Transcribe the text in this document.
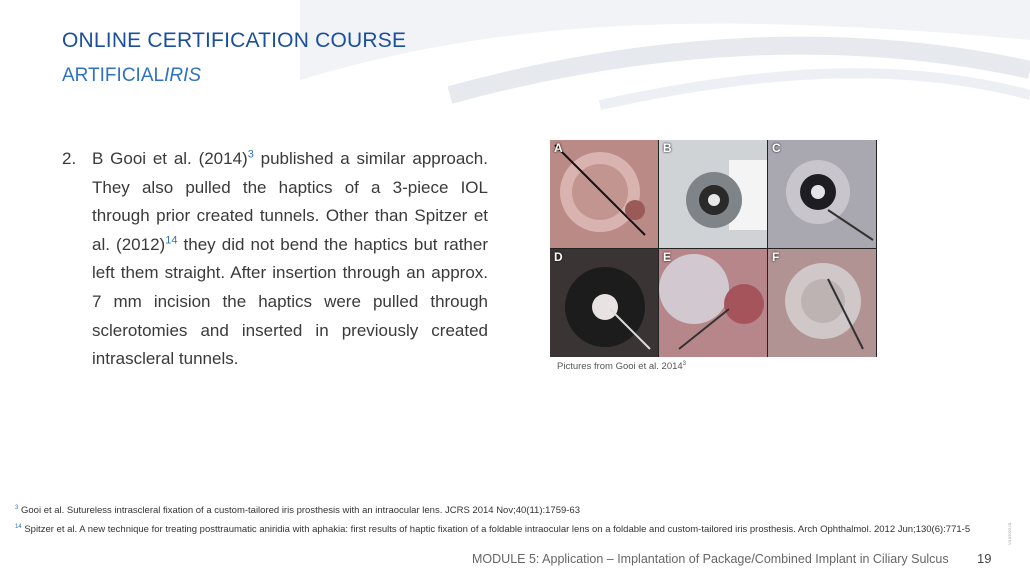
ONLINE CERTIFICATION COURSE
ARTIFICIALIRIS
2. B Gooi et al. $(2014)^3$ published a similar approach. They also pulled the haptics of a 3-piece IOL through prior created tunnels. Other than Spitzer et al. $(2012)^{14}$ they did not bend the haptics but rather left them straight. After insertion through an approx. 7 mm incision the haptics were pulled through sclerotomies and inserted in previously created intrascleral tunnels.
A	B	C
D	E	F
Pictures from Gooi et al. 2014$^3$

$^3$ Gooi et al. Sutureless intrascleral fixation of a custom-tailored iris prosthesis with an intraocular lens. JCRS 2014 Nov;40(11):1759-63

$^{14}$ Spitzer et al. A new technique for treating posttraumatic aniridia with aphakia: first results of haptic fixation of a foldable intraocular lens on a foldable and custom-tailored iris prosthesis. Arch Ophthalmol. 2012 Jun;130(6):771-5

MODULE 5: Application – Implantation of Package/Combined Implant in Ciliary Sulcus 19
V4.02022-01
